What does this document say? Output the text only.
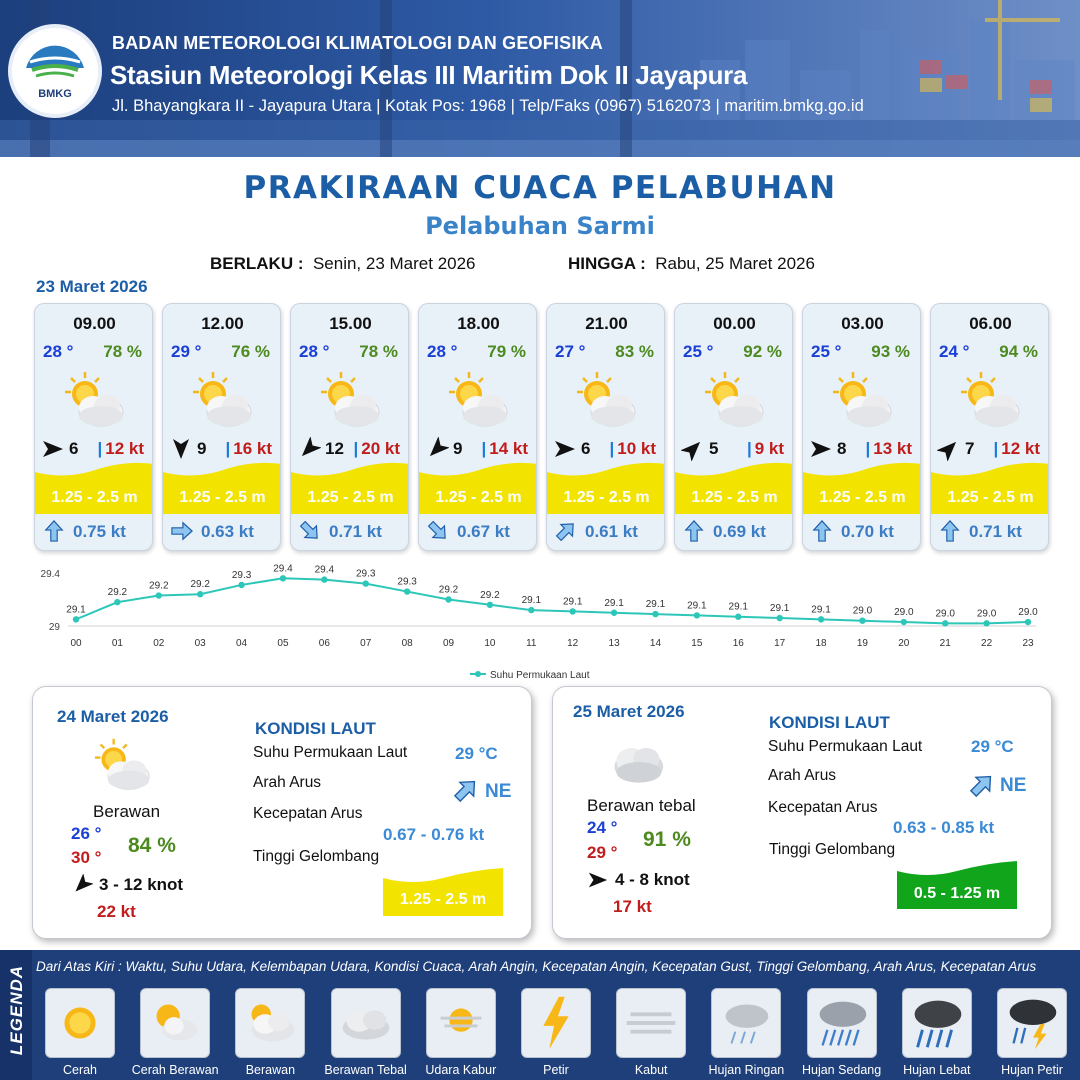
BMKG
BADAN METEOROLOGI KLIMATOLOGI DAN GEOFISIKA
Stasiun Meteorologi Kelas III Maritim Dok II Jayapura
Jl. Bhayangkara II - Jayapura Utara | Kotak Pos: 1968 | Telp/Faks (0967) 5162073 | maritim.bmkg.go.id
PRAKIRAAN CUACA PELABUHAN
Pelabuhan Sarmi
BERLAKU : Senin, 23 Maret 2026	HINGGA : Rabu, 25 Maret 2026
23 Maret 2026
09.00
28 ° 78 %
6 | 12 kt
1.25 - 2.5 m
0.75 kt
12.00
29 ° 76 %
9 | 16 kt
1.25 - 2.5 m
0.63 kt
15.00
28 ° 78 %
12 | 20 kt
1.25 - 2.5 m
0.71 kt
18.00
28 ° 79 %
9 | 14 kt
1.25 - 2.5 m
0.67 kt
21.00
27 ° 83 %
6 | 10 kt
1.25 - 2.5 m
0.61 kt
00.00
25 ° 92 %
5 | 9 kt
1.25 - 2.5 m
0.69 kt
03.00
25 ° 93 %
8 | 13 kt
1.25 - 2.5 m
0.70 kt
06.00
24 ° 94 %
7 | 12 kt
1.25 - 2.5 m
0.71 kt
29.4
29
29.1
00
29.2
01
29.2
02
29.2
03
29.3
04
29.4
05
29.4
06
29.3
07
29.3
08
29.2
09
29.2
10
29.1
11
29.1
12
29.1
13
29.1
14
29.1
15
29.1
16
29.1
17
29.1
18
29.0
19
29.0
20
29.0
21
29.0
22
29.0
23
Suhu Permukaan Laut
24 Maret 2026
Berawan
26 °
30 °
84 %
3 - 12 knot
22 kt
KONDISI LAUT
Suhu Permukaan Laut	29 °C
Arah Arus	NE
Kecepatan Arus
0.67 - 0.76 kt
Tinggi Gelombang
1.25 - 2.5 m
25 Maret 2026
Berawan tebal
24 °
29 °
91 %
4 - 8 knot
17 kt
KONDISI LAUT
Suhu Permukaan Laut	29 °C
Arah Arus	NE
Kecepatan Arus
0.63 - 0.85 kt
Tinggi Gelombang
0.5 - 1.25 m
LEGENDA Dari Atas Kiri : Waktu, Suhu Udara, Kelembapan Udara, Kondisi Cuaca, Arah Angin, Kecepatan Angin, Kecepatan Gust, Tinggi Gelombang, Arah Arus, Kecepatan Arus
Cerah	Cerah Berawan	Berawan	Berawan Tebal	Udara Kabur	Petir	Kabut	Hujan Ringan	Hujan Sedang	Hujan Lebat	Hujan Petir
